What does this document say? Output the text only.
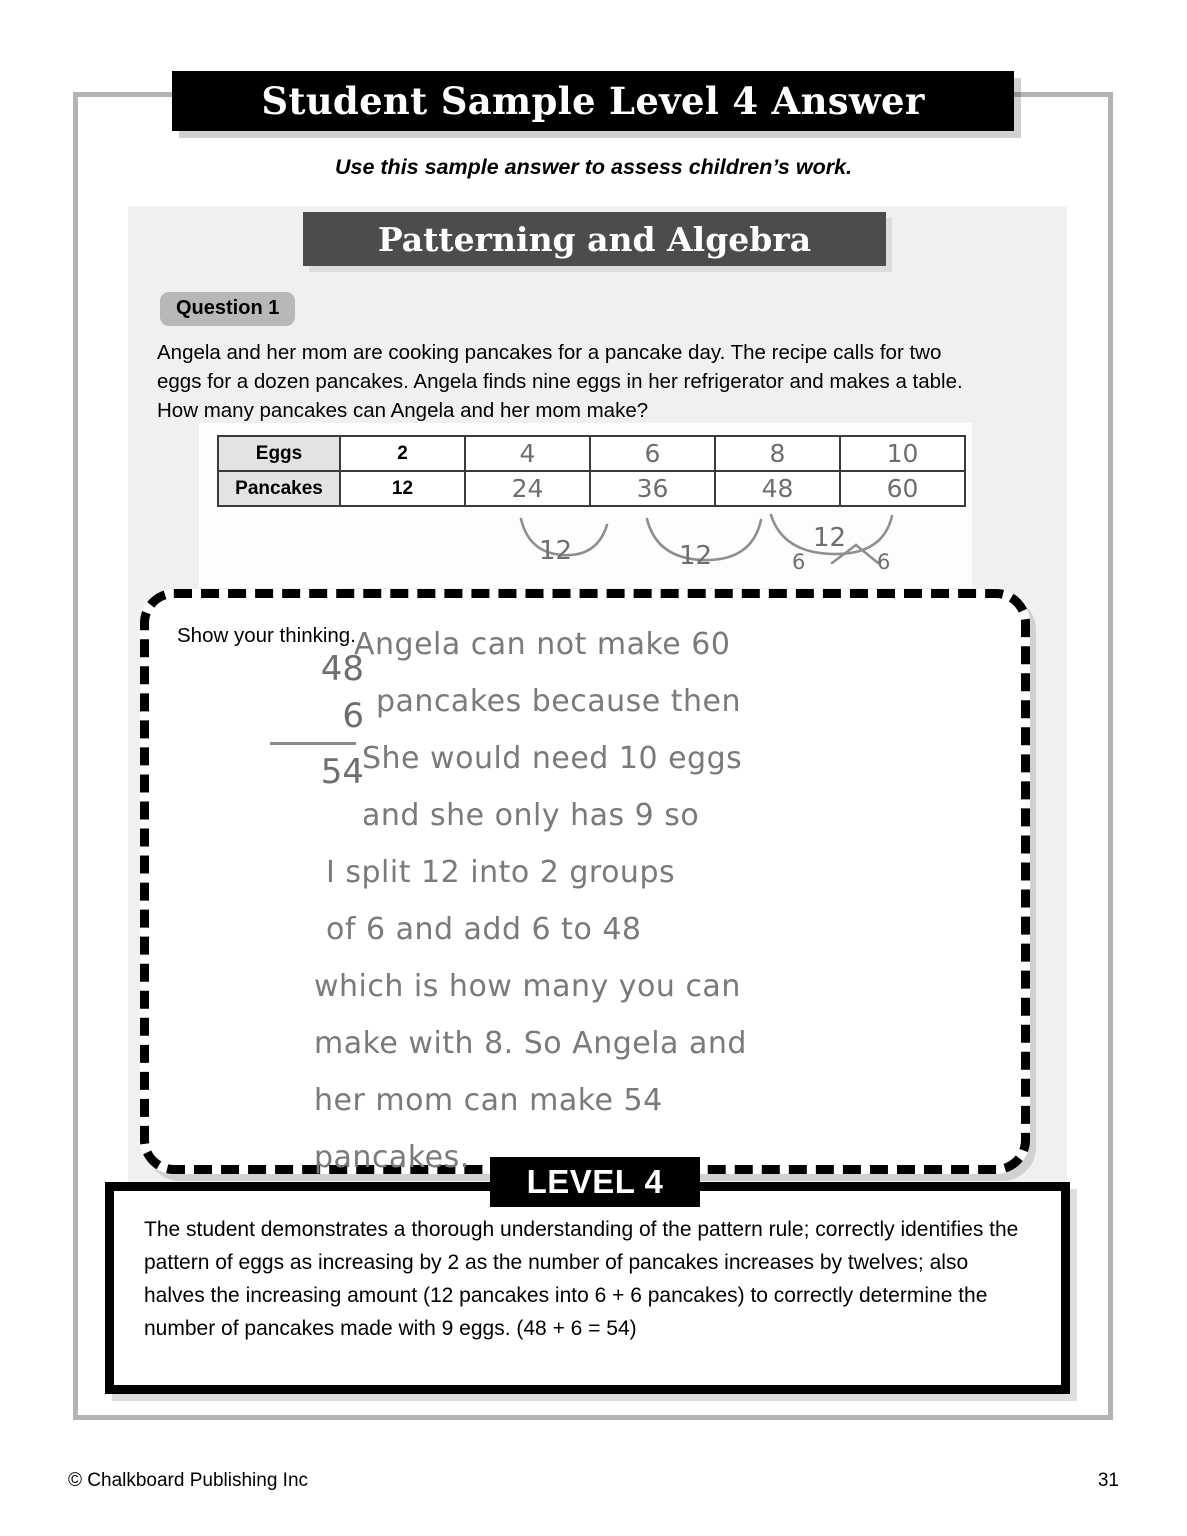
Student Sample Level 4 Answer
Use this sample answer to assess children’s work.
Patterning and Algebra
Question 1
Angela and her mom are cooking pancakes for a pancake day. The recipe calls for two eggs for a dozen pancakes. Angela finds nine eggs in her refrigerator and makes a table. How many pancakes can Angela and her mom make?
Eggs	2	4	6	8	10
Pancakes	12	24	36	48	60
12	12
12
6	6
Show your thinking.
48
6
54
Angela can not make 60
pancakes because then
She would need 10 eggs
and she only has 9 so
I split 12 into 2 groups
of 6 and add 6 to 48
which is how many you can
make with 8. So Angela and
her mom can make 54
pancakes.
The student demonstrates a thorough understanding of the pattern rule; correctly identifies the pattern of eggs as increasing by 2 as the number of pancakes increases by twelves; also halves the increasing amount (12 pancakes into 6 + 6 pancakes) to correctly determine the number of pancakes made with 9 eggs. (48 + 6 = 54)
LEVEL 4
© Chalkboard Publishing Inc	31
